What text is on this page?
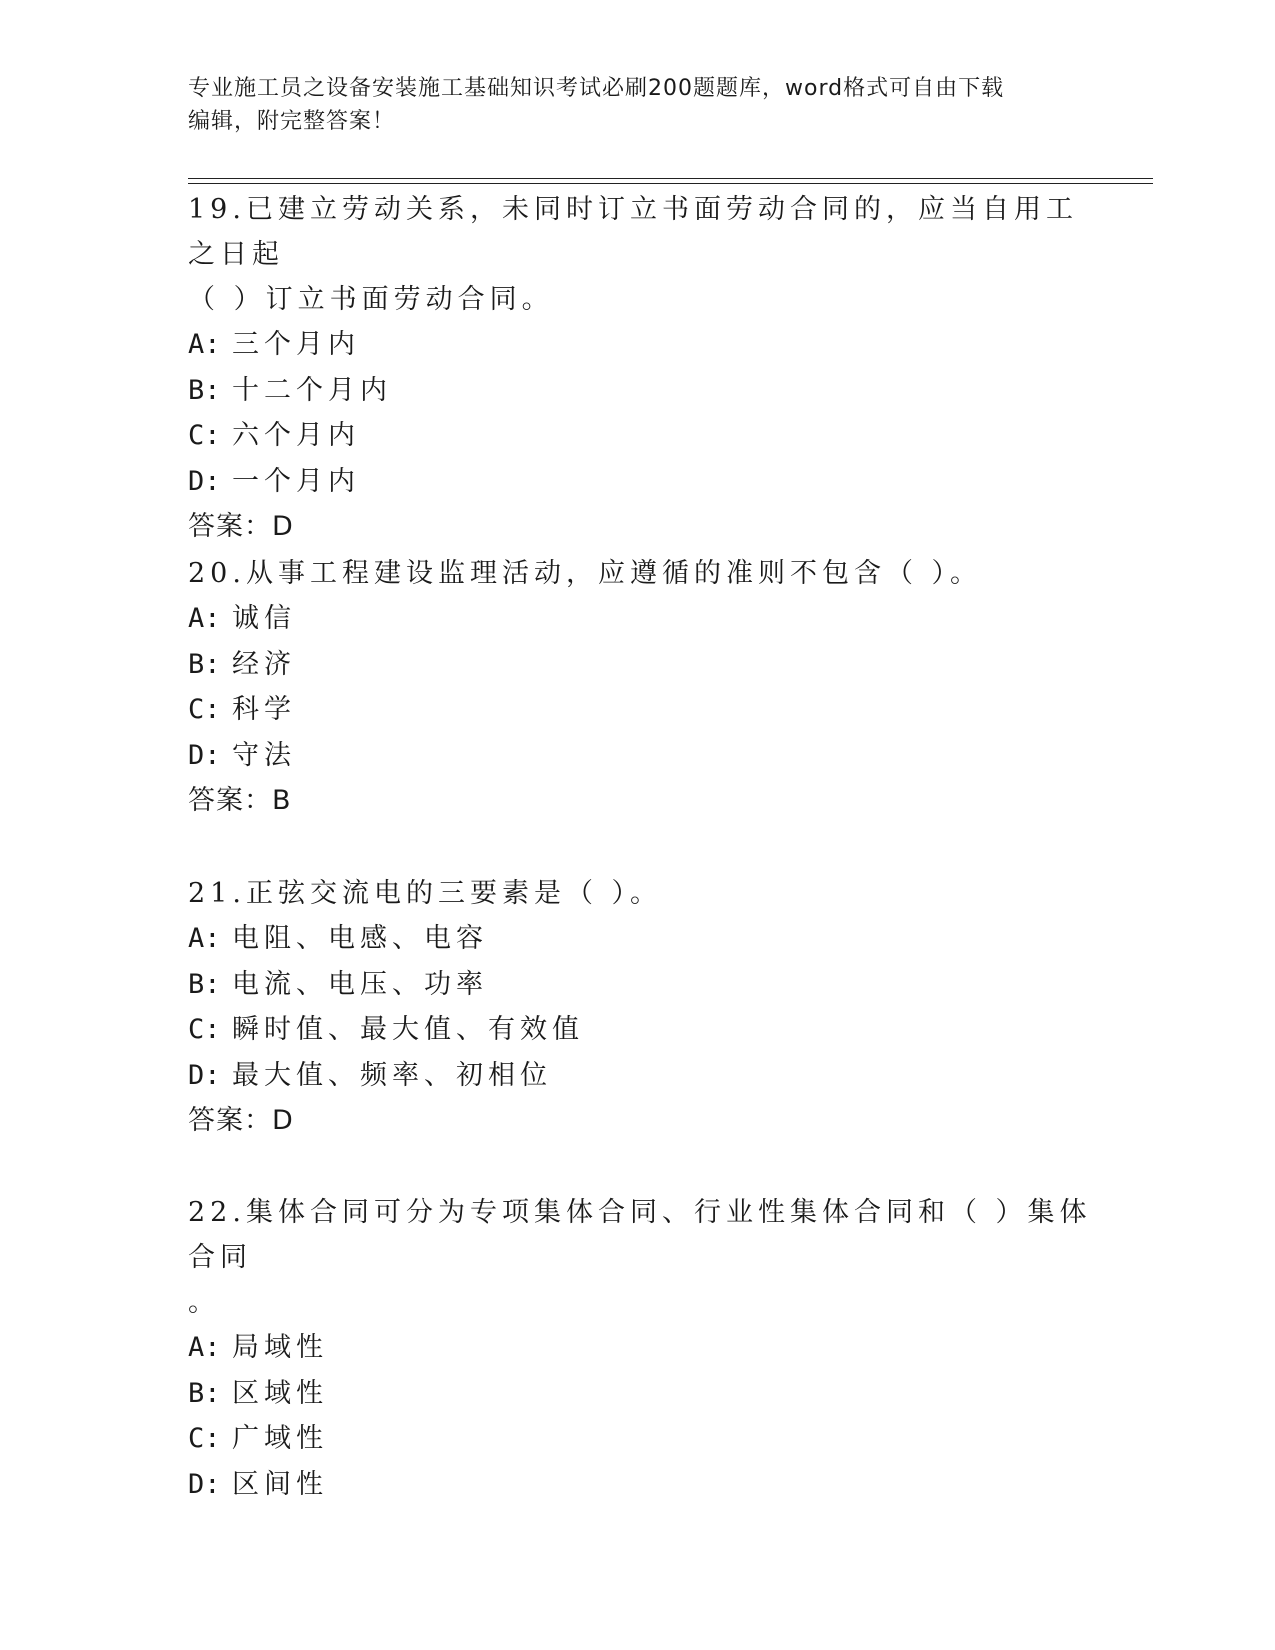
专业施工员之设备安装施工基础知识考试必刷200题题库，word格式可自由下载
编辑，附完整答案！

19.已建立劳动关系，未同时订立书面劳动合同的，应当自用工之日起

（ ）订立书面劳动合同。

A: 三个月内

B: 十二个月内

C: 六个月内

D: 一个月内

答案：D

20.从事工程建设监理活动，应遵循的准则不包含（ ）。

A: 诚信

B: 经济

C: 科学

D: 守法

答案：B

21.正弦交流电的三要素是（ ）。

A: 电阻、电感、电容

B: 电流、电压、功率

C: 瞬时值、最大值、有效值

D: 最大值、频率、初相位

答案：D

22.集体合同可分为专项集体合同、行业性集体合同和（ ）集体合同

。

A: 局域性

B: 区域性

C: 广域性

D: 区间性
